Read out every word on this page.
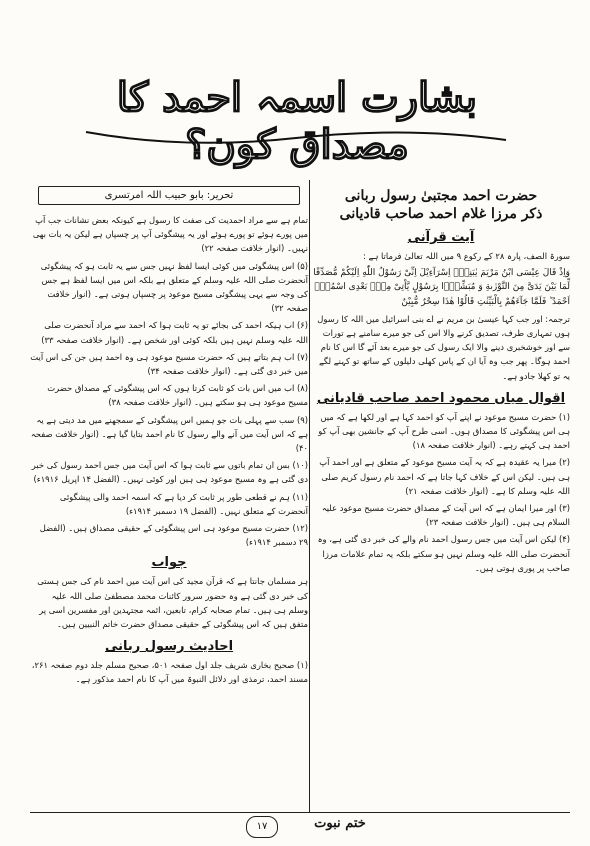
بشارت اسمہ احمد کا مصداق کون؟
حضرت احمد مجتبیٰ رسول ربانی
ذکر مرزا غلام احمد صاحب قادیانی
آیت قرآنی

سورۃ الصف، پارہ ۲۸ کے رکوع ۹ میں اللہ تعالیٰ فرماتا ہے :

وَاِذْ قَالَ عِیْسَی ابْنُ مَرْیَمَ یٰبَنِیْۤ اِسْرَآءِیْلَ اِنِّیْ رَسُوْلُ اللّٰهِ اِلَیْكُمْ مُّصَدِّقًا لِّمَا بَیْنَ یَدَیَّ مِنَ التَّوْرٰىةِ وَ مُبَشِّرًۢا بِرَسُوْلٍ یَّاْتِیْ مِنْۢ بَعْدِی اسْمُهٗۤ اَحْمَدُ ؕ فَلَمَّا جَآءَهُمْ بِالْبَیِّنٰتِ قَالُوْا هٰذَا سِحْرٌ مُّبِیْنٌ

ترجمہ: اور جب کہا عیسیٰ بن مریم نے اے بنی اسرائیل میں اللہ کا رسول ہوں تمہاری طرف، تصدیق کرنے والا اس کی جو میرے سامنے ہے تورات سے اور خوشخبری دینے والا ایک رسول کی جو میرے بعد آئے گا اس کا نام احمد ہوگا۔ پھر جب وہ آیا ان کے پاس کھلی دلیلوں کے ساتھ تو کہنے لگے یہ تو کھلا جادو ہے۔

اقوال میاں محمود احمد صاحب قادیانی

(۱) حضرت مسیح موعود نے اپنے آپ کو احمد کہا ہے اور لکھا ہے کہ میں ہی اس پیشگوئی کا مصداق ہوں۔ اسی طرح آپ کے جانشین بھی آپ کو احمد ہی کہتے رہے۔ (انوار خلافت صفحہ ۱۸)

(۲) میرا یہ عقیدہ ہے کہ یہ آیت مسیح موعود کے متعلق ہے اور احمد آپ ہی ہیں۔ لیکن اس کے خلاف کہا جاتا ہے کہ احمد نام رسول کریم صلی اللہ علیہ وسلم کا ہے۔ (انوار خلافت صفحہ ۲۱)

(۳) اور میرا ایمان ہے کہ اس آیت کے مصداق حضرت مسیح موعود علیہ السلام ہی ہیں۔ (انوار خلافت صفحہ ۲۳)

(۴) لیکن اس آیت میں جس رسول احمد نام والے کی خبر دی گئی ہے، وہ آنحضرت صلی اللہ علیہ وسلم نہیں ہو سکتے بلکہ یہ تمام علامات مرزا صاحب پر پوری ہوتی ہیں۔

تحریر: بابو حبیب اللہ امرتسری

تمام ہے سے مراد احمدیت کی صفت کا رسول ہے کیونکہ بعض نشانات جب آپ میں پورے ہوئے تو پورے ہوئے اور یہ پیشگوئی آپ پر چسپاں ہے لیکن یہ بات بھی نہیں۔ (انوار خلافت صفحہ ۲۲)

(۵) اس پیشگوئی میں کوئی ایسا لفظ نہیں جس سے یہ ثابت ہو کہ پیشگوئی آنحضرت صلی اللہ علیہ وسلم کے متعلق ہے بلکہ اس میں ایسا لفظ ہے جس کی وجہ سے یہی پیشگوئی مسیح موعود پر چسپاں ہوتی ہے۔ (انوار خلافت صفحہ ۳۲)

(۶) اب ہیکہ احمد کی بجائے تو یہ ثابت ہوا کہ احمد سے مراد آنحضرت صلی اللہ علیہ وسلم نہیں ہیں بلکہ کوئی اور شخص ہے۔ (انوار خلافت صفحہ ۳۳)

(۷) اب ہم بتاتے ہیں کہ حضرت مسیح موعود ہی وہ احمد ہیں جن کی اس آیت میں خبر دی گئی ہے۔ (انوار خلافت صفحہ ۳۴)

(۸) اب میں اس بات کو ثابت کرتا ہوں کہ اس پیشگوئی کے مصداق حضرت مسیح موعود ہی ہو سکتے ہیں۔ (انوار خلافت صفحہ ۳۸)

(۹) سب سے پہلی بات جو ہمیں اس پیشگوئی کے سمجھنے میں مد دیتی ہے یہ ہے کہ اس آیت میں آنے والے رسول کا نام احمد بتایا گیا ہے۔ (انوار خلافت صفحہ ۴۰)

(۱۰) بس ان تمام باتوں سے ثابت ہوا کہ اس آیت میں جس احمد رسول کی خبر دی گئی ہے وہ مسیح موعود ہی ہیں اور کوئی نہیں۔ (الفضل ۱۴ اپریل ۱۹۱۶ء)

(۱۱) ہم نے قطعی طور پر ثابت کر دیا ہے کہ اسمہ احمد والی پیشگوئی آنحضرت کے متعلق نہیں۔ (الفضل ۱۹ دسمبر ۱۹۱۴ء)

(۱۲) حضرت مسیح موعود ہی اس پیشگوئی کے حقیقی مصداق ہیں۔ (الفضل ۲۹ دسمبر ۱۹۱۴ء)

جواب

ہر مسلمان جانتا ہے کہ قرآن مجید کی اس آیت میں احمد نام کی جس ہستی کی خبر دی گئی ہے وہ حضور سرور کائنات محمد مصطفیٰ صلی اللہ علیہ وسلم ہی ہیں۔ تمام صحابہ کرام، تابعین، ائمہ مجتہدین اور مفسرین اسی پر متفق ہیں کہ اس پیشگوئی کے حقیقی مصداق حضرت خاتم النبیین ہیں۔

احادیث رسول ربانی

(۱) صحیح بخاری شریف جلد اول صفحہ ۵۰۱، صحیح مسلم جلد دوم صفحہ ۲۶۱، مسند احمد، ترمذی اور دلائل النبوۃ میں آپ کا نام احمد مذکور ہے۔

۱۷	ختم نبوت
